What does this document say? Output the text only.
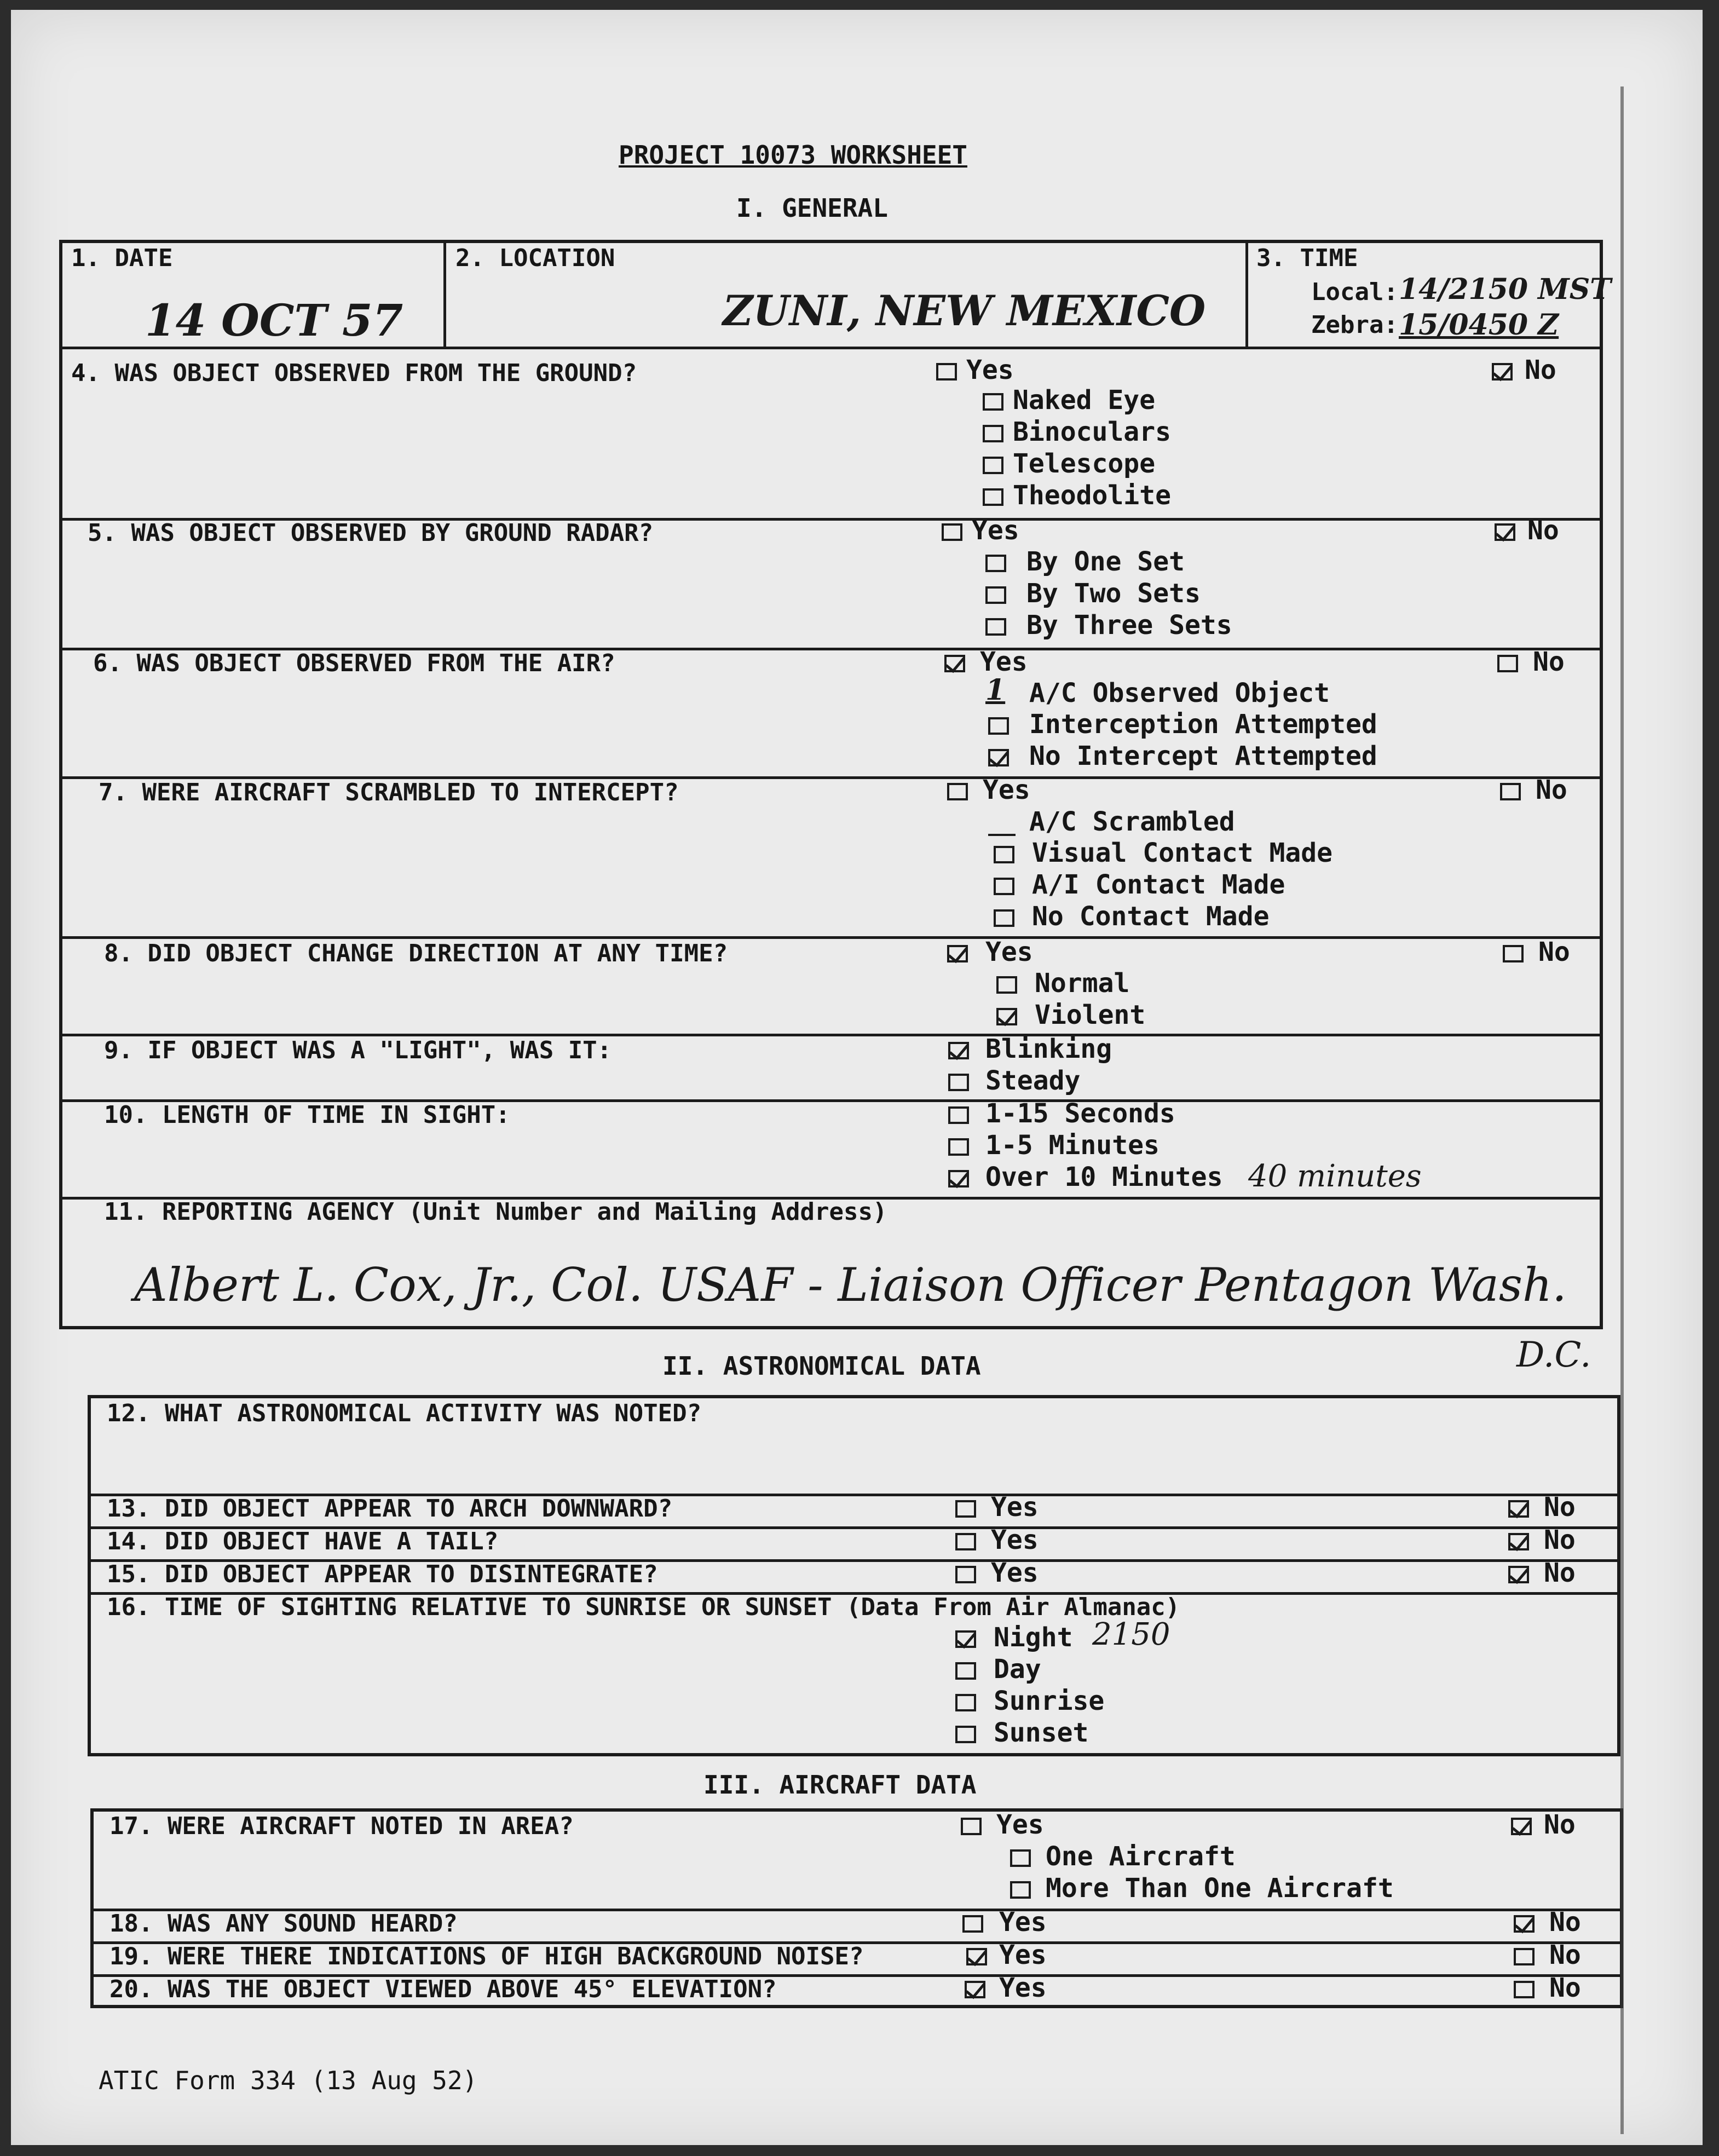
PROJECT 10073 WORKSHEET
I. GENERAL
1. DATE
14 OCT 57
2. LOCATION
ZUNI, NEW MEXICO
3. TIME
Local: 14/2150 MST
Zebra: 15/0450 Z
4. WAS OBJECT OBSERVED FROM THE GROUND?	Yes	No
Naked Eye
Binoculars
Telescope
Theodolite
5. WAS OBJECT OBSERVED BY GROUND RADAR?	Yes	No
By One Set
By Two Sets
By Three Sets
6. WAS OBJECT OBSERVED FROM THE AIR?	Yes	No
1 A/C Observed Object
Interception Attempted
No Intercept Attempted
7. WERE AIRCRAFT SCRAMBLED TO INTERCEPT?	Yes	No
A/C Scrambled
Visual Contact Made
A/I Contact Made
No Contact Made
8. DID OBJECT CHANGE DIRECTION AT ANY TIME?	Yes	No
Normal
Violent
9. IF OBJECT WAS A "LIGHT", WAS IT:	Blinking
Steady
10. LENGTH OF TIME IN SIGHT:	1-15 Seconds
1-5 Minutes
Over 10 Minutes 40 minutes
11. REPORTING AGENCY (Unit Number and Mailing Address)
Albert L. Cox, Jr., Col. USAF - Liaison Officer Pentagon Wash.
D.C.
II. ASTRONOMICAL DATA
12. WHAT ASTRONOMICAL ACTIVITY WAS NOTED?
13. DID OBJECT APPEAR TO ARCH DOWNWARD?	Yes	No
14. DID OBJECT HAVE A TAIL?	Yes	No
15. DID OBJECT APPEAR TO DISINTEGRATE?	Yes	No
16. TIME OF SIGHTING RELATIVE TO SUNRISE OR SUNSET (Data From Air Almanac)
Night 2150
Day
Sunrise
Sunset
III. AIRCRAFT DATA
17. WERE AIRCRAFT NOTED IN AREA?	Yes	No
One Aircraft
More Than One Aircraft
18. WAS ANY SOUND HEARD?	Yes	No
19. WERE THERE INDICATIONS OF HIGH BACKGROUND NOISE?	Yes	No
20. WAS THE OBJECT VIEWED ABOVE 45° ELEVATION?	Yes	No
ATIC Form 334 (13 Aug 52)
